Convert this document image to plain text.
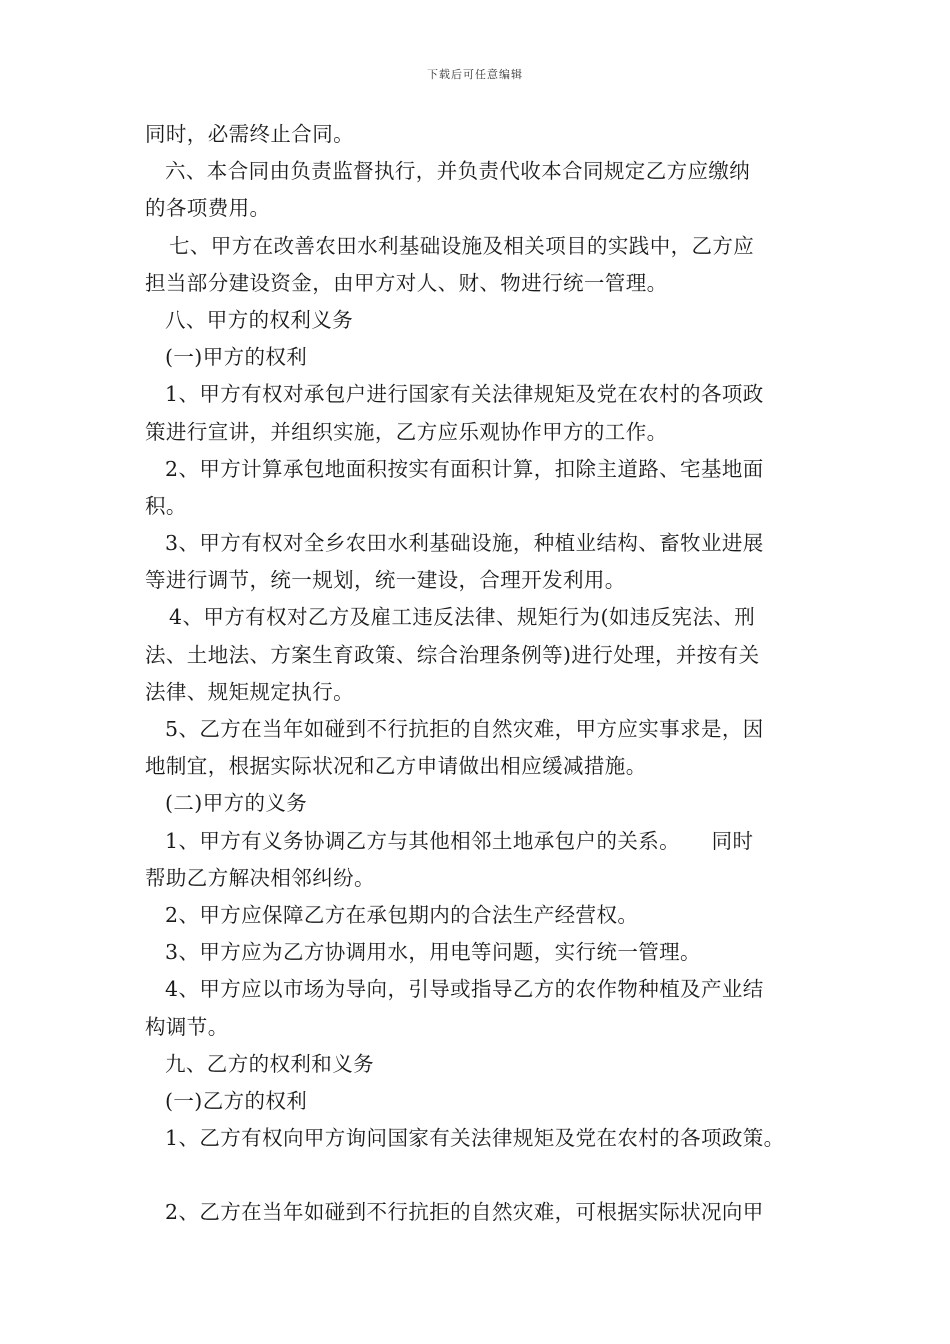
下载后可任意编辑
同时，必需终止合同。
六、本合同由负责监督执行，并负责代收本合同规定乙方应缴纳
的各项费用。
七、甲方在改善农田水利基础设施及相关项目的实践中，乙方应
担当部分建设资金，由甲方对人、财、物进行统一管理。
八、甲方的权利义务
(一)甲方的权利
1、甲方有权对承包户进行国家有关法律规矩及党在农村的各项政
策进行宣讲，并组织实施，乙方应乐观协作甲方的工作。
2、甲方计算承包地面积按实有面积计算，扣除主道路、宅基地面
积。
3、甲方有权对全乡农田水利基础设施，种植业结构、畜牧业进展
等进行调节，统一规划，统一建设，合理开发利用。
4、甲方有权对乙方及雇工违反法律、规矩行为(如违反宪法、刑
法、土地法、方案生育政策、综合治理条例等)进行处理，并按有关
法律、规矩规定执行。
5、乙方在当年如碰到不行抗拒的自然灾难，甲方应实事求是，因
地制宜，根据实际状况和乙方申请做出相应缓减措施。
(二)甲方的义务
1、甲方有义务协调乙方与其他相邻土地承包户的关系。　　同时
帮助乙方解决相邻纠纷。
2、甲方应保障乙方在承包期内的合法生产经营权。
3、甲方应为乙方协调用水，用电等问题，实行统一管理。
4、甲方应以市场为导向，引导或指导乙方的农作物种植及产业结
构调节。
九、乙方的权利和义务
(一)乙方的权利
1、乙方有权向甲方询问国家有关法律规矩及党在农村的各项政策。
2、乙方在当年如碰到不行抗拒的自然灾难，可根据实际状况向甲
